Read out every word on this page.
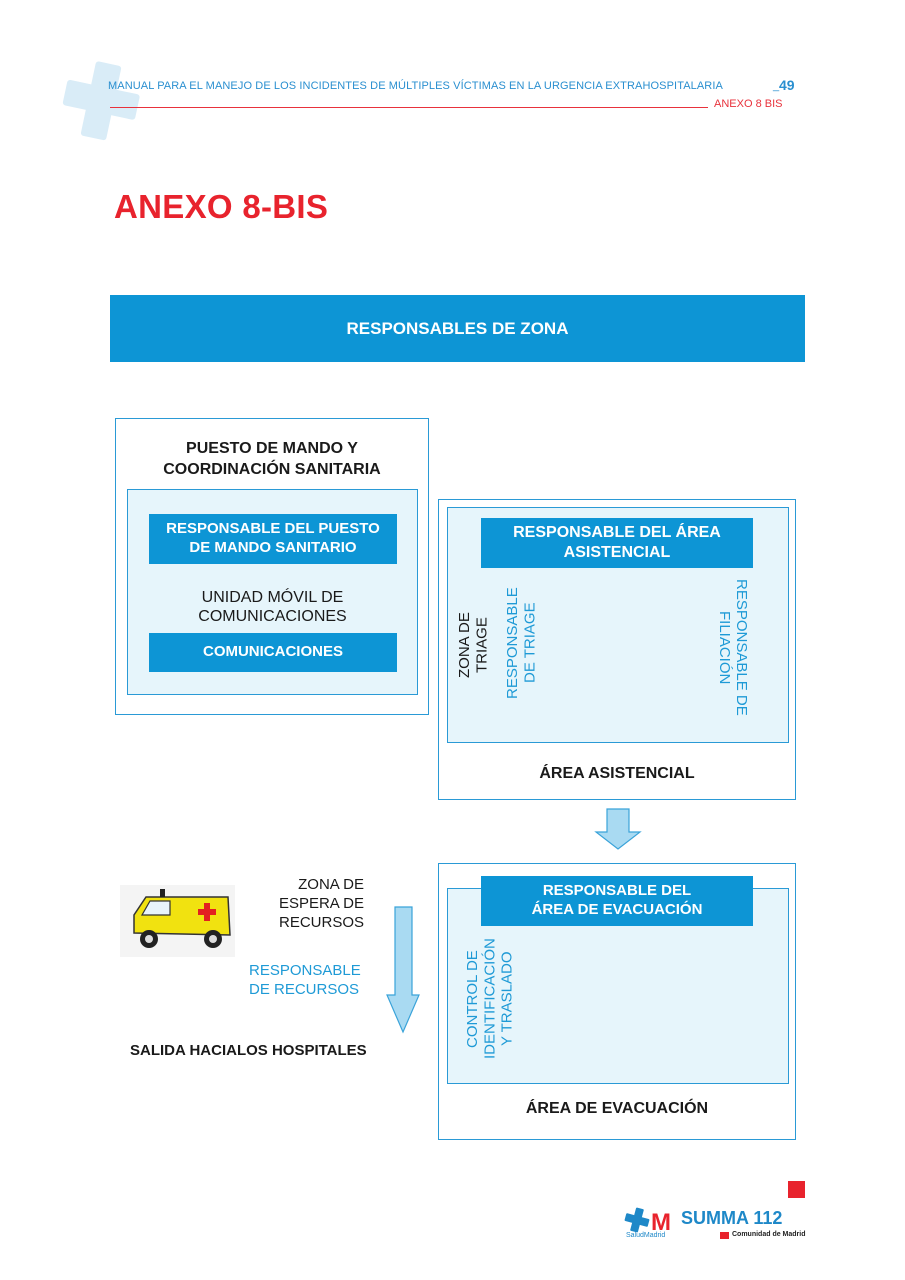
MANUAL PARA EL MANEJO DE LOS INCIDENTES DE MÚLTIPLES VÍCTIMAS EN LA URGENCIA EXTRAHOSPITALARIA	_ 49
ANEXO 8 BIS
ANEXO 8-BIS
RESPONSABLES DE ZONA
PUESTO DE MANDO Y
COORDINACIÓN SANITARIA
RESPONSABLE DEL PUESTO
DE MANDO SANITARIO
UNIDAD MÓVIL DE
COMUNICACIONES
COMUNICACIONES	ZONA DE TRIAGE RESPONSABLE DE TRIAGE	RESPONSABLE DE
FILIACIÓN
RESPONSABLE DEL ÁREA
ASISTENCIAL
ÁREA ASISTENCIAL
CONTROL DE IDENTIFICACIÓN Y TRASLADO
RESPONSABLE DEL
ÁREA DE EVACUACIÓN
ÁREA DE EVACUACIÓN
ZONA DE
ESPERA DE
RECURSOS
RESPONSABLE
DE RECURSOS
SALIDA HACIALOS HOSPITALES
M
SaludMadrid
SUMMA 112
Comunidad de Madrid
